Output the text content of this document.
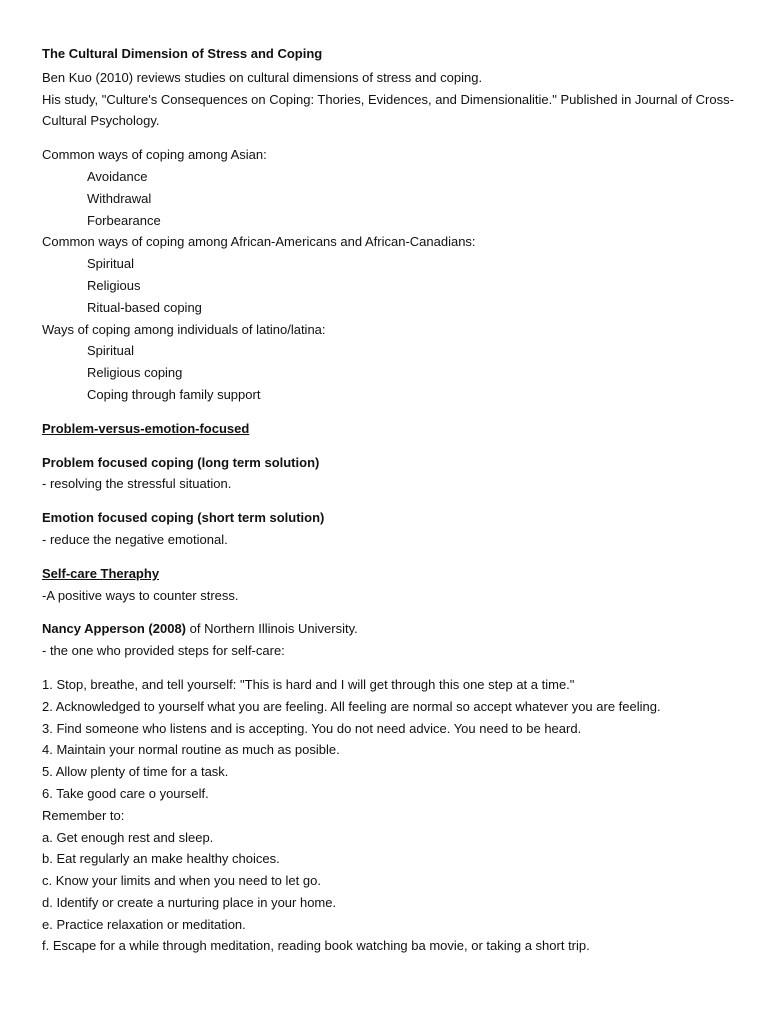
The Cultural Dimension of Stress and Coping
Ben Kuo (2010) reviews studies on cultural dimensions of stress and coping.
His study, "Culture's Consequences on Coping: Thories, Evidences, and Dimensionalitie." Published in Journal of Cross-Cultural Psychology.
Common ways of coping among Asian:
Avoidance
Withdrawal
Forbearance
Common ways of coping among African-Americans and African-Canadians:
Spiritual
Religious
Ritual-based coping
Ways of coping among individuals of latino/latina:
Spiritual
Religious coping
Coping through family support
Problem-versus-emotion-focused
Problem focused coping (long term solution)
- resolving the stressful situation.
Emotion focused coping (short term solution)
- reduce the negative emotional.
Self-care Theraphy
-A positive ways to counter stress.
Nancy Apperson (2008) of Northern Illinois University.
- the one who provided steps for self-care:
1. Stop, breathe, and tell yourself: "This is hard and I will get through this one step at a time."
2. Acknowledged to yourself what you are feeling. All feeling are normal so accept whatever you are feeling.
3. Find someone who listens and is accepting. You do not need advice. You need to be heard.
4. Maintain your normal routine as much as posible.
5. Allow plenty of time for a task.
6. Take good care o yourself.
Remember to:
a. Get enough rest and sleep.
b. Eat regularly an make healthy choices.
c. Know your limits and when you need to let go.
d. Identify or create a nurturing place in your home.
e. Practice relaxation or meditation.
f. Escape for a while through meditation, reading book watching ba movie, or taking a short trip.
